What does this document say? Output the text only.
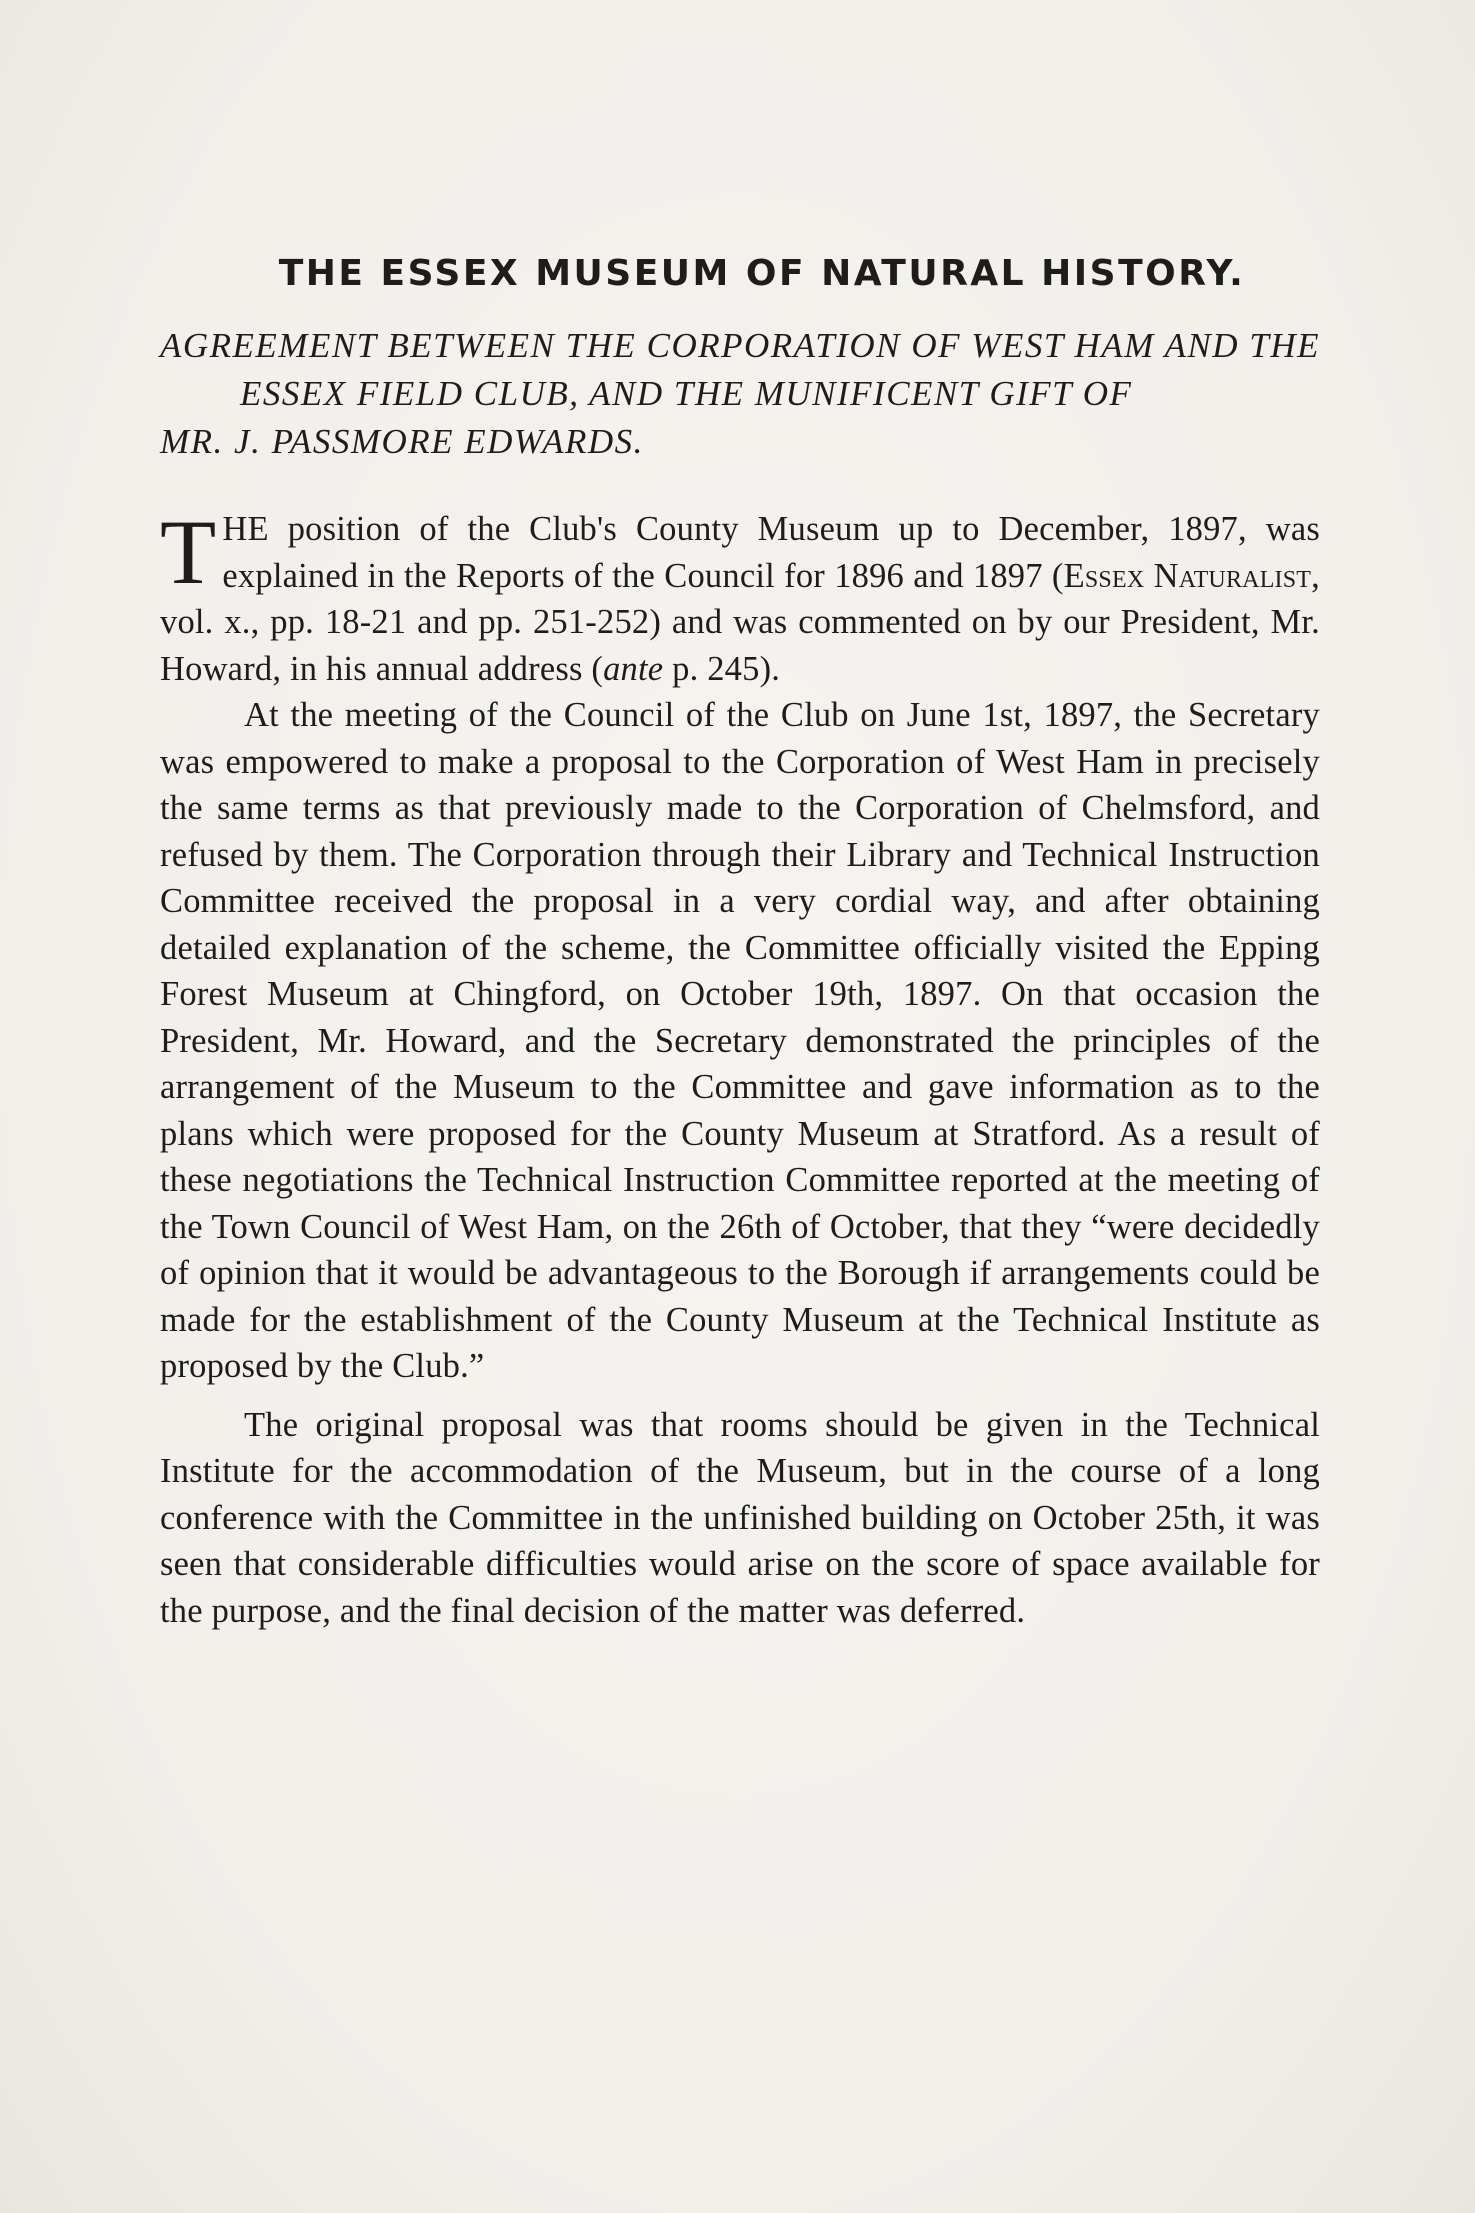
THE ESSEX MUSEUM OF NATURAL HISTORY.

AGREEMENT BETWEEN THE CORPORATION OF WEST HAM AND THE ESSEX FIELD CLUB, AND THE MUNIFICENT GIFT OF
MR. J. PASSMORE EDWARDS.

THE position of the Club's County Museum up to December, 1897, was explained in the Reports of the Council for 1896 and 1897 (Essex Naturalist, vol. x., pp. 18-21 and pp. 251-252) and was commented on by our President, Mr. Howard, in his annual address (ante p. 245).

At the meeting of the Council of the Club on June 1st, 1897, the Secretary was empowered to make a proposal to the Corporation of West Ham in precisely the same terms as that previously made to the Corporation of Chelmsford, and refused by them. The Corporation through their Library and Technical Instruction Committee received the proposal in a very cordial way, and after obtaining detailed explanation of the scheme, the Committee officially visited the Epping Forest Museum at Chingford, on October 19th, 1897. On that occasion the President, Mr. Howard, and the Secretary demonstrated the principles of the arrangement of the Museum to the Committee and gave information as to the plans which were proposed for the County Museum at Stratford. As a result of these negotiations the Technical Instruction Committee reported at the meeting of the Town Council of West Ham, on the 26th of October, that they “were decidedly of opinion that it would be advantageous to the Borough if arrangements could be made for the establishment of the County Museum at the Technical Institute as proposed by the Club.”

The original proposal was that rooms should be given in the Technical Institute for the accommodation of the Museum, but in the course of a long conference with the Committee in the unfinished building on October 25th, it was seen that considerable difficulties would arise on the score of space available for the purpose, and the final decision of the matter was deferred.
